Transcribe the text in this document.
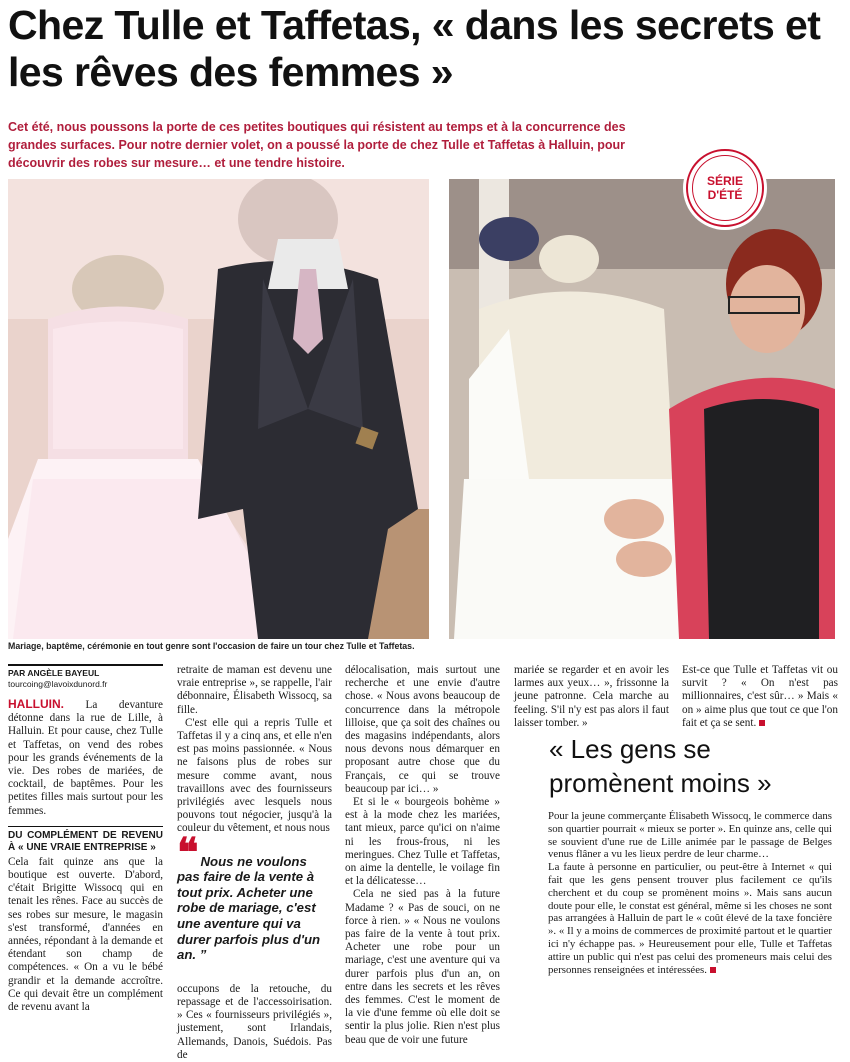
Chez Tulle et Taffetas, « dans les secrets et les rêves des femmes »

Cet été, nous poussons la porte de ces petites boutiques qui résistent au temps et à la concurrence des grandes surfaces. Pour notre dernier volet, on a poussé la porte de chez Tulle et Taffetas à Halluin, pour découvrir des robes sur mesure… et une tendre histoire.

SÉRIE
D'ÉTÉ

Mariage, baptême, cérémonie en tout genre sont l'occasion de faire un tour chez Tulle et Taffetas.

PAR ANGÈLE BAYEUL
tourcoing@lavoixdunord.fr

HALLUIN. La devanture détonne dans la rue de Lille, à Halluin. Et pour cause, chez Tulle et Taffetas, on vend des robes pour les grands événements de la vie. Des robes de mariées, de cocktail, de baptêmes. Pour les petites filles mais surtout pour les femmes.

DU COMPLÉMENT DE REVENU À « UNE VRAIE ENTREPRISE »

Cela fait quinze ans que la boutique est ouverte. D'abord, c'était Brigitte Wissocq qui en tenait les rênes. Face au succès de ses robes sur mesure, le magasin s'est transformé, d'années en années, répondant à la demande et étendant son champ de compétences. « On a vu le bébé grandir et la demande accroître. Ce qui devait être un complément de revenu avant la

retraite de maman est devenu une vraie entreprise », se rappelle, l'air débonnaire, Élisabeth Wissocq, sa fille.

C'est elle qui a repris Tulle et Taffetas il y a cinq ans, et elle n'en est pas moins passionnée. « Nous ne faisons plus de robes sur mesure comme avant, nous travaillons avec des fournisseurs privilégiés avec lesquels nous pouvons tout négocier, jusqu'à la couleur du vêtement, et nous nous

❝ Nous ne voulons pas faire de la vente à tout prix. Acheter une robe de mariage, c'est une aventure qui va durer parfois plus d'un an. ”

occupons de la retouche, du repassage et de l'accessoirisation. » Ces « fournisseurs privilégiés », justement, sont Irlandais, Allemands, Danois, Suédois. Pas de

délocalisation, mais surtout une recherche et une envie d'autre chose. « Nous avons beaucoup de concurrence dans la métropole lilloise, que ça soit des chaînes ou des magasins indépendants, alors nous devons nous démarquer en proposant autre chose que du Français, ce qui se trouve beaucoup par ici… »

Et si le « bourgeois bohème » est à la mode chez les mariées, tant mieux, parce qu'ici on n'aime ni les frous-frous, ni les meringues. Chez Tulle et Taffetas, on aime la dentelle, le voilage fin et la délicatesse…

Cela ne sied pas à la future Madame ? « Pas de souci, on ne force à rien. » « Nous ne voulons pas faire de la vente à tout prix. Acheter une robe pour un mariage, c'est une aventure qui va durer parfois plus d'un an, on entre dans les secrets et les rêves des femmes. C'est le moment de la vie d'une femme où elle doit se sentir la plus jolie. Rien n'est plus beau que de voir une future

mariée se regarder et en avoir les larmes aux yeux… », frissonne la jeune patronne. Cela marche au feeling. S'il n'y est pas alors il faut laisser tomber. »

Est-ce que Tulle et Taffetas vit ou survit ? « On n'est pas millionnaires, c'est sûr… » Mais « on » aime plus que tout ce que l'on fait et ça se sent.

« Les gens se promènent moins »

Pour la jeune commerçante Élisabeth Wissocq, le commerce dans son quartier pourrait « mieux se porter ». En quinze ans, celle qui se souvient d'une rue de Lille animée par le passage de Belges venus flâner a vu les lieux perdre de leur charme…

La faute à personne en particulier, ou peut-être à Internet « qui fait que les gens pensent trouver plus facilement ce qu'ils cherchent et du coup se promènent moins ». Mais sans aucun doute pour elle, le constat est général, même si les choses ne sont pas arrangées à Halluin de part le « coût élevé de la taxe foncière ». « Il y a moins de commerces de proximité partout et le quartier ici n'y échappe pas. » Heureusement pour elle, Tulle et Taffetas attire un public qui n'est pas celui des promeneurs mais celui des personnes renseignées et intéressées.
